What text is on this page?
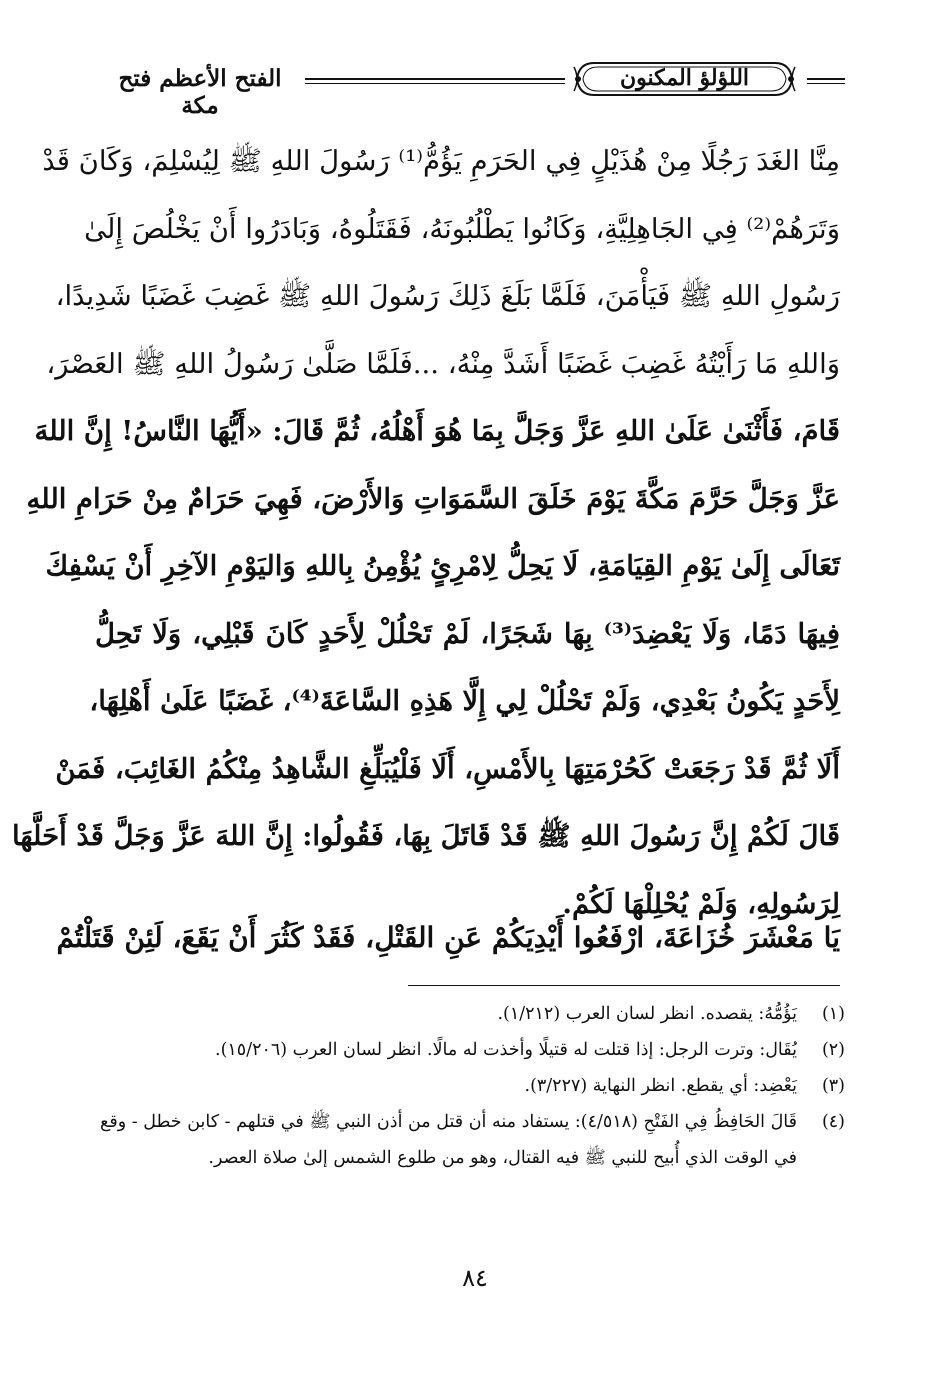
اللؤلؤ المكنون
الفتح الأعظم فتح مكة
مِنَّا الغَدَ رَجُلًا مِنْ هُذَيْلٍ فِي الحَرَمِ يَؤُمُّ⁽¹⁾ رَسُولَ اللهِ ﷺ لِيُسْلِمَ، وَكَانَ قَدْ
وَتَرَهُمْ⁽²⁾ فِي الجَاهِلِيَّةِ، وَكَانُوا يَطْلُبُونَهُ، فَقَتَلُوهُ، وَبَادَرُوا أَنْ يَخْلُصَ إِلَىٰ
رَسُولِ اللهِ ﷺ فَيَأْمَنَ، فَلَمَّا بَلَغَ ذَلِكَ رَسُولَ اللهِ ﷺ غَضِبَ غَضَبًا شَدِيدًا،
وَاللهِ مَا رَأَيْتُهُ غَضِبَ غَضَبًا أَشَدَّ مِنْهُ، ...فَلَمَّا صَلَّىٰ رَسُولُ اللهِ ﷺ العَصْرَ،
قَامَ، فَأَثْنَىٰ عَلَىٰ اللهِ عَزَّ وَجَلَّ بِمَا هُوَ أَهْلُهُ، ثُمَّ قَالَ: «أَيُّهَا النَّاسُ! إِنَّ اللهَ
عَزَّ وَجَلَّ حَرَّمَ مَكَّةَ يَوْمَ خَلَقَ السَّمَوَاتِ وَالأَرْضَ، فَهِيَ حَرَامٌ مِنْ حَرَامِ اللهِ
تَعَالَى إِلَىٰ يَوْمِ القِيَامَةِ، لَا يَحِلُّ لِامْرِئٍ يُؤْمِنُ بِاللهِ وَاليَوْمِ الآخِرِ أَنْ يَسْفِكَ
فِيهَا دَمًا، وَلَا يَعْضِدَ⁽³⁾ بِهَا شَجَرًا، لَمْ تَحْلُلْ لِأَحَدٍ كَانَ قَبْلِي، وَلَا تَحِلُّ
لِأَحَدٍ يَكُونُ بَعْدِي، وَلَمْ تَحْلُلْ لِي إِلَّا هَذِهِ السَّاعَةَ⁽⁴⁾، غَضَبًا عَلَىٰ أَهْلِهَا،
أَلَا ثُمَّ قَدْ رَجَعَتْ كَحُرْمَتِهَا بِالأَمْسِ، أَلَا فَلْيُبَلِّغِ الشَّاهِدُ مِنْكُمُ الغَائِبَ، فَمَنْ
قَالَ لَكُمْ إِنَّ رَسُولَ اللهِ ﷺ قَدْ قَاتَلَ بِهَا، فَقُولُوا: إِنَّ اللهَ عَزَّ وَجَلَّ قَدْ أَحَلَّهَا
لِرَسُولِهِ، وَلَمْ يُحْلِلْهَا لَكُمْ.
يَا مَعْشَرَ خُزَاعَةَ، ارْفَعُوا أَيْدِيَكُمْ عَنِ القَتْلِ، فَقَدْ كَثُرَ أَنْ يَقَعَ، لَئِنْ قَتَلْتُمْ
(١)
يَؤُمُّهُ: يقصده. انظر لسان العرب (١/٢١٢).
(٢)
يُقَال: وترت الرجل: إذا قتلت له قتيلًا وأخذت له مالًا. انظر لسان العرب (١٥/٢٠٦).
(٣)
يَعْضِد: أي يقطع. انظر النهاية (٣/٢٢٧).
(٤)
قَالَ الحَافِظُ فِي الفَتْحِ (٤/٥١٨): يستفاد منه أن قتل من أذن النبي ﷺ في قتلهم - كابن خطل - وقع في الوقت الذي أُبيح للنبي ﷺ فيه القتال، وهو من طلوع الشمس إلىٰ صلاة العصر.
٨٤
